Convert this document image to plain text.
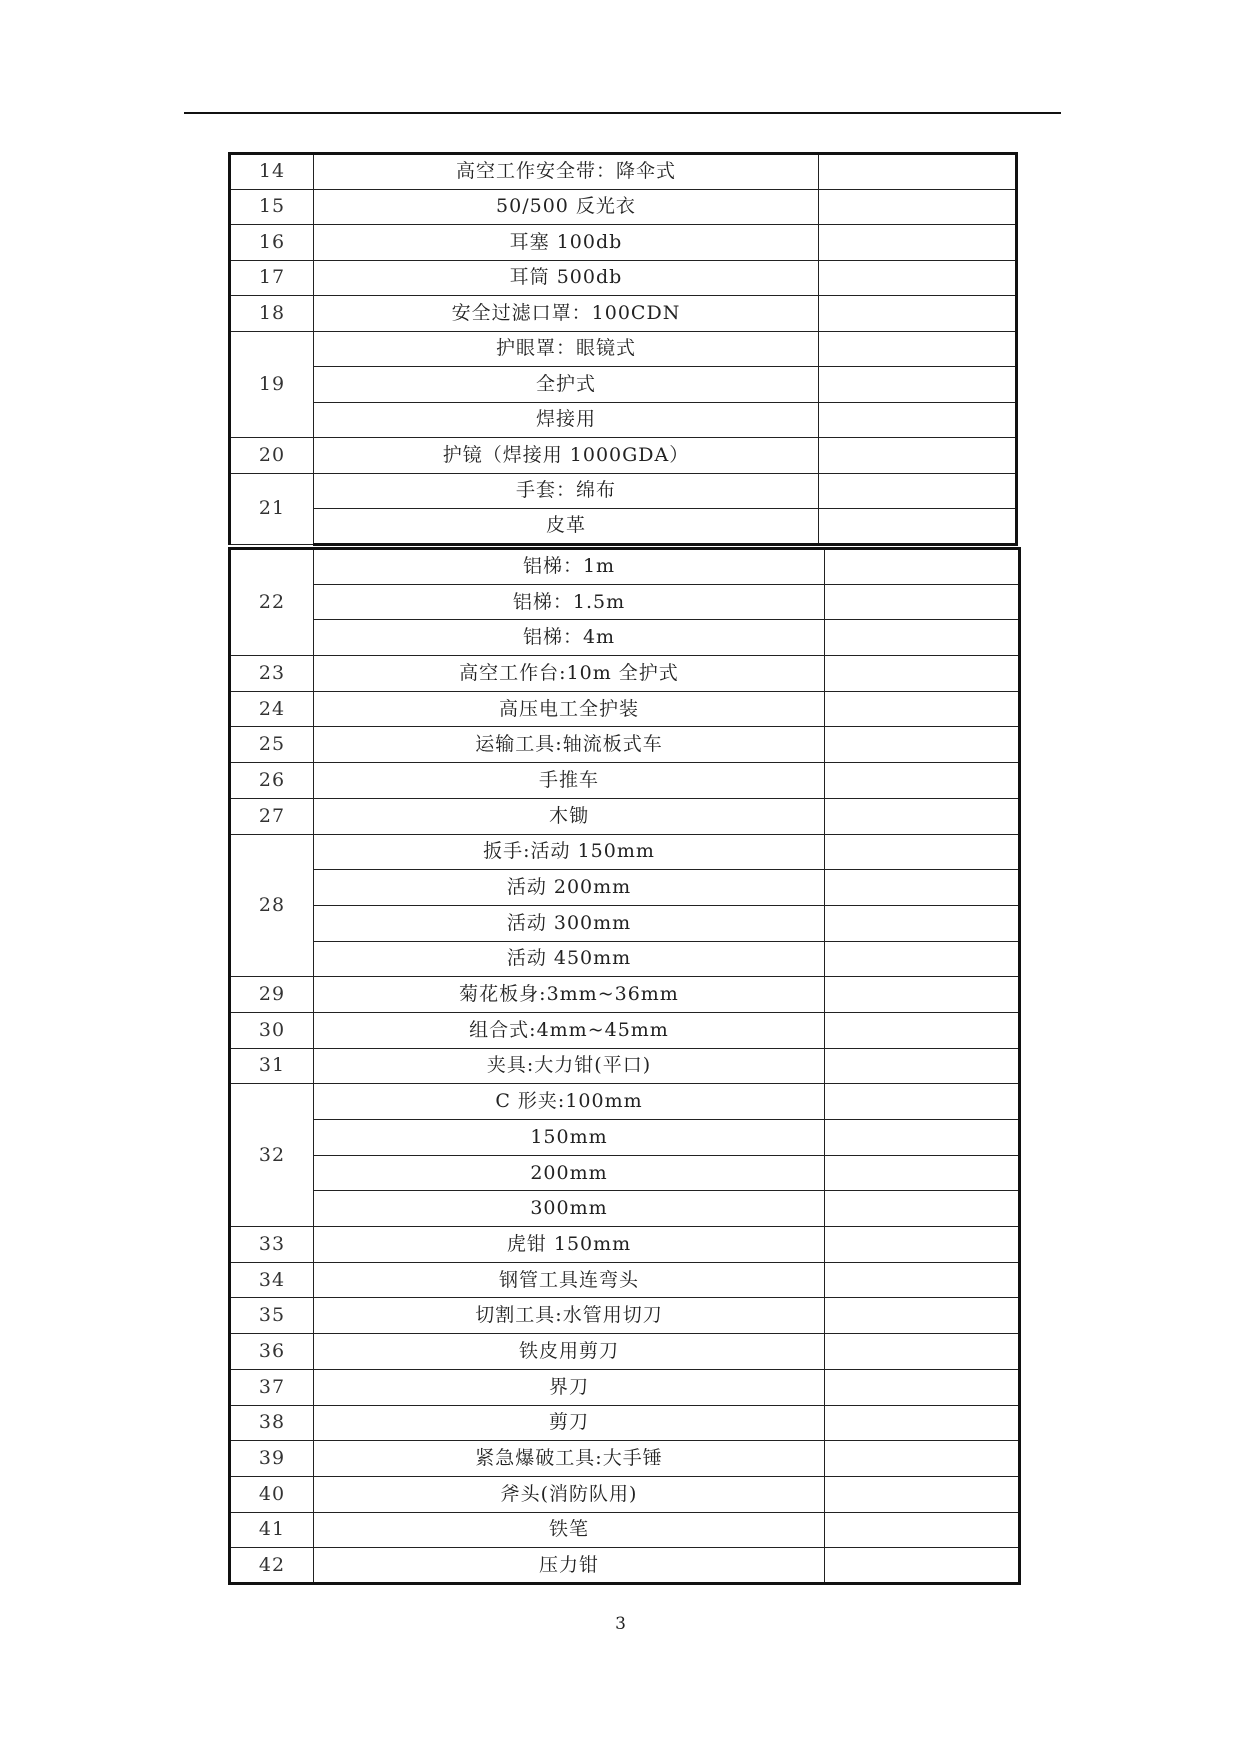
14	高空工作安全带：降伞式	
15	50/500 反光衣	
16	耳塞 100db	
17	耳筒 500db	
18	安全过滤口罩：100CDN	
19	护眼罩：眼镜式	
	全护式	
	焊接用	
20	护镜（焊接用 1000GDA）	
21	手套：绵布	
	皮革	
22	铝梯：1m	
	铝梯：1.5m	
	铝梯：4m	
23	高空工作台:10m 全护式	
24	高压电工全护装	
25	运输工具:轴流板式车	
26	手推车	
27	木锄	
28	扳手:活动 150mm	
	活动 200mm	
	活动 300mm	
	活动 450mm	
29	菊花板身:3mm~36mm	
30	组合式:4mm~45mm	
31	夹具:大力钳(平口)	
32	C 形夹:100mm	
	150mm	
	200mm	
	300mm	
33	虎钳 150mm	
34	钢管工具连弯头	
35	切割工具:水管用切刀	
36	铁皮用剪刀	
37	界刀	
38	剪刀	
39	紧急爆破工具:大手锤	
40	斧头(消防队用)	
41	铁笔	
42	压力钳	
3
